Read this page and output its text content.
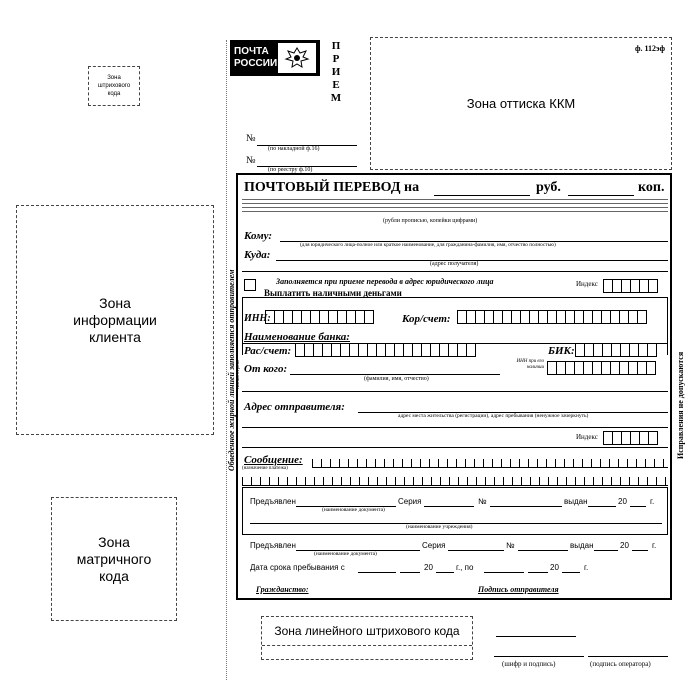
Зона штрихового кода
Зона информации клиента
Зона матричного кода
ПОЧТА
РОССИИ
П
Р
И
Е
М
ф. 112эф
Зона оттиска ККМ
№
(по накладной ф.16)
№
(по реестру ф.10)
Обведенное жирной линией заполняется отправителем Линия отреза	Исправления не допускаются
ПОЧТОВЫЙ ПЕРЕВОД на	руб.	коп.
(рубли прописью, копейки цифрами)
Кому:
(для юридического лица-полное или краткое наименование, для гражданина-фамилия, имя, отчество полностью)
Куда:
(адрес получателя)
Заполняется при приеме перевода в адрес юридического лица
Выплатить наличными деньгами
Индекс
ИНН:	Кор/счет:
Наименование банка:
Рас/счет:	БИК:
От кого:
ИНН при его наличии
(фамилия, имя, отчество)
Адрес отправителя:
адрес места жительства (регистрации), адрес пребывания (ненужное зачеркнуть)
Индекс
Сообщение:
(назначение платежа)
Предъявлен	Серия	№	выдан	20	г.
(наименование документа)
(наименование учреждения)
Предъявлен	Серия	№	выдан	20	г.
(наименование документа)
Дата срока пребывания с	20	г., по	20	г.
Гражданство:	Подпись отправителя
Зона линейного штрихового кода
(шифр и подпись)	(подпись оператора)
